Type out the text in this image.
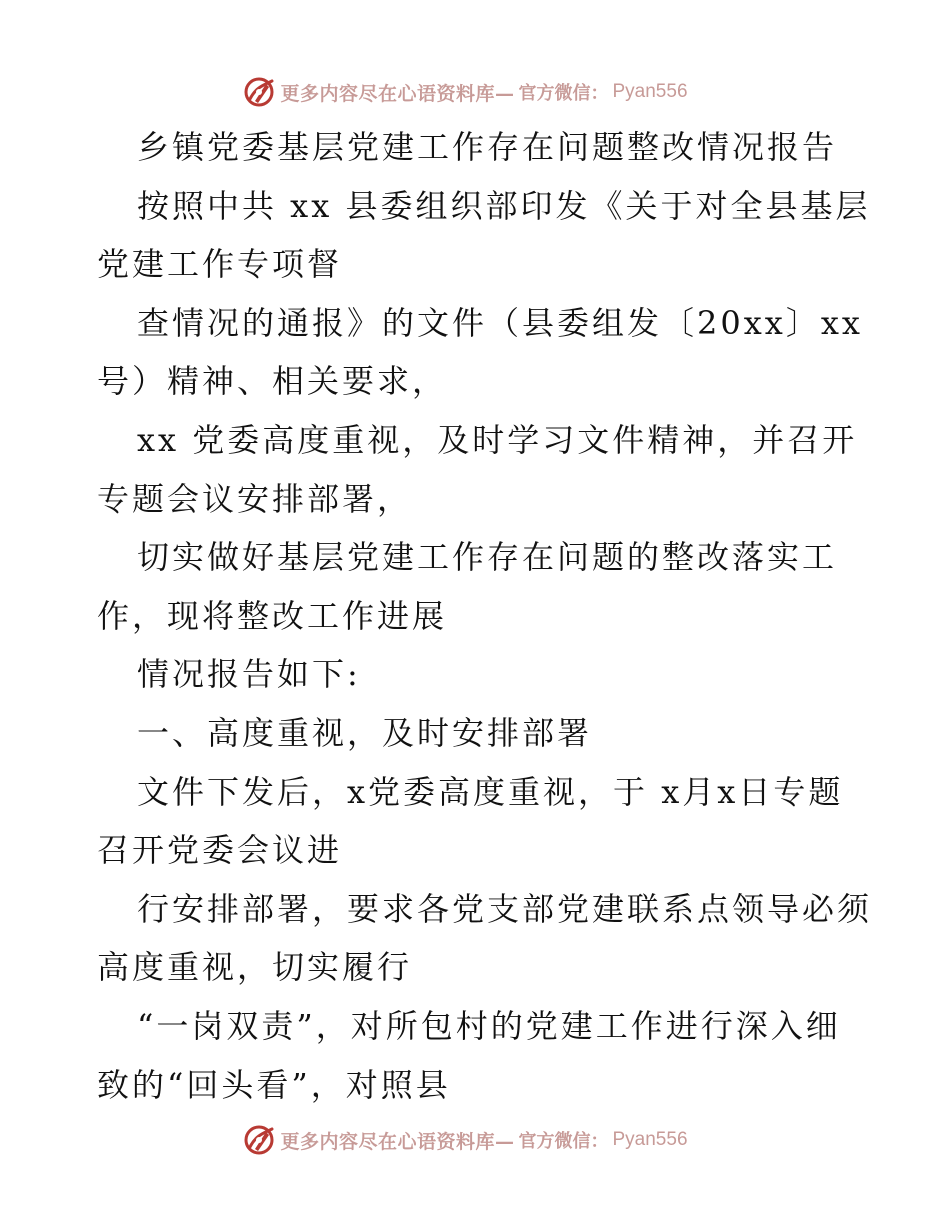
更多内容尽在心语资料库— 官方微信： Pyan556
乡镇党委基层党建工作存在问题整改情况报告
按照中共 xx 县委组织部印发《关于对全县基层
党建工作专项督
查情况的通报》的文件（县委组发〔20xx〕xx
号）精神、相关要求，
xx 党委高度重视，及时学习文件精神，并召开
专题会议安排部署，
切实做好基层党建工作存在问题的整改落实工
作，现将整改工作进展
情况报告如下:
一、高度重视，及时安排部署
文件下发后，x党委高度重视，于 x月x日专题
召开党委会议进
行安排部署，要求各党支部党建联系点领导必须
高度重视，切实履行
“一岗双责”，对所包村的党建工作进行深入细
致的“回头看”，对照县
更多内容尽在心语资料库— 官方微信： Pyan556
